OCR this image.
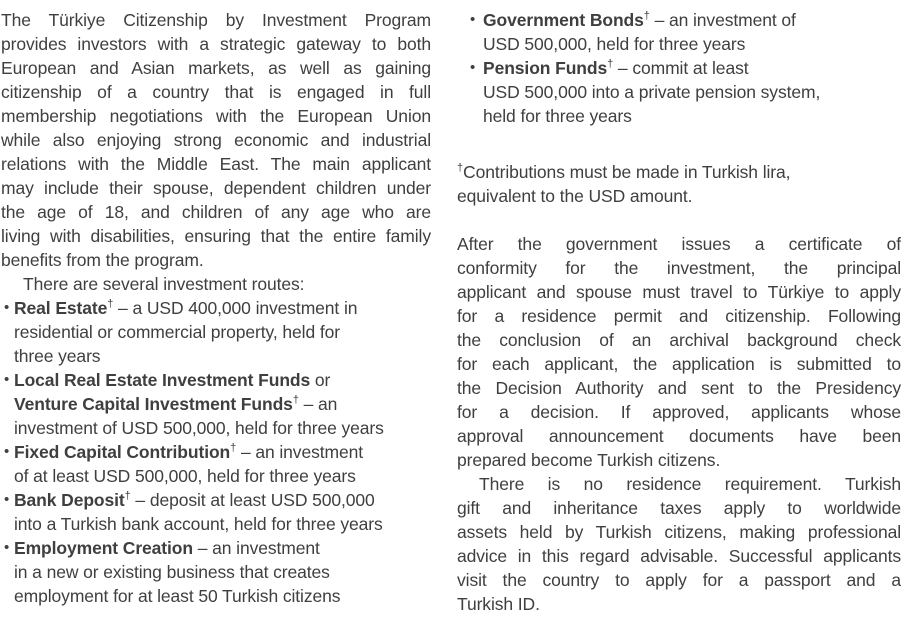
The Türkiye Citizenship by Investment Program
provides investors with a strategic gateway to both
European and Asian markets, as well as gaining
citizenship of a country that is engaged in full
membership negotiations with the European Union
while also enjoying strong economic and industrial
relations with the Middle East. The main applicant
may include their spouse, dependent children under
the age of 18, and children of any age who are
living with disabilities, ensuring that the entire family
benefits from the program.
There are several investment routes:
• Real Estate† – a USD 400,000 investment in
residential or commercial property, held for
three years
• Local Real Estate Investment Funds or
Venture Capital Investment Funds† – an
investment of USD 500,000, held for three years
• Fixed Capital Contribution† – an investment
of at least USD 500,000, held for three years
• Bank Deposit† – deposit at least USD 500,000
into a Turkish bank account, held for three years
• Employment Creation – an investment
in a new or existing business that creates
employment for at least 50 Turkish citizens
• Government Bonds† – an investment of
USD 500,000, held for three years
• Pension Funds† – commit at least
USD 500,000 into a private pension system,
held for three years
†Contributions must be made in Turkish lira,
equivalent to the USD amount.
After the government issues a certificate of
conformity for the investment, the principal
applicant and spouse must travel to Türkiye to apply
for a residence permit and citizenship. Following
the conclusion of an archival background check
for each applicant, the application is submitted to
the Decision Authority and sent to the Presidency
for a decision. If approved, applicants whose
approval announcement documents have been
prepared become Turkish citizens.
There is no residence requirement. Turkish
gift and inheritance taxes apply to worldwide
assets held by Turkish citizens, making professional
advice in this regard advisable. Successful applicants
visit the country to apply for a passport and a
Turkish ID.
